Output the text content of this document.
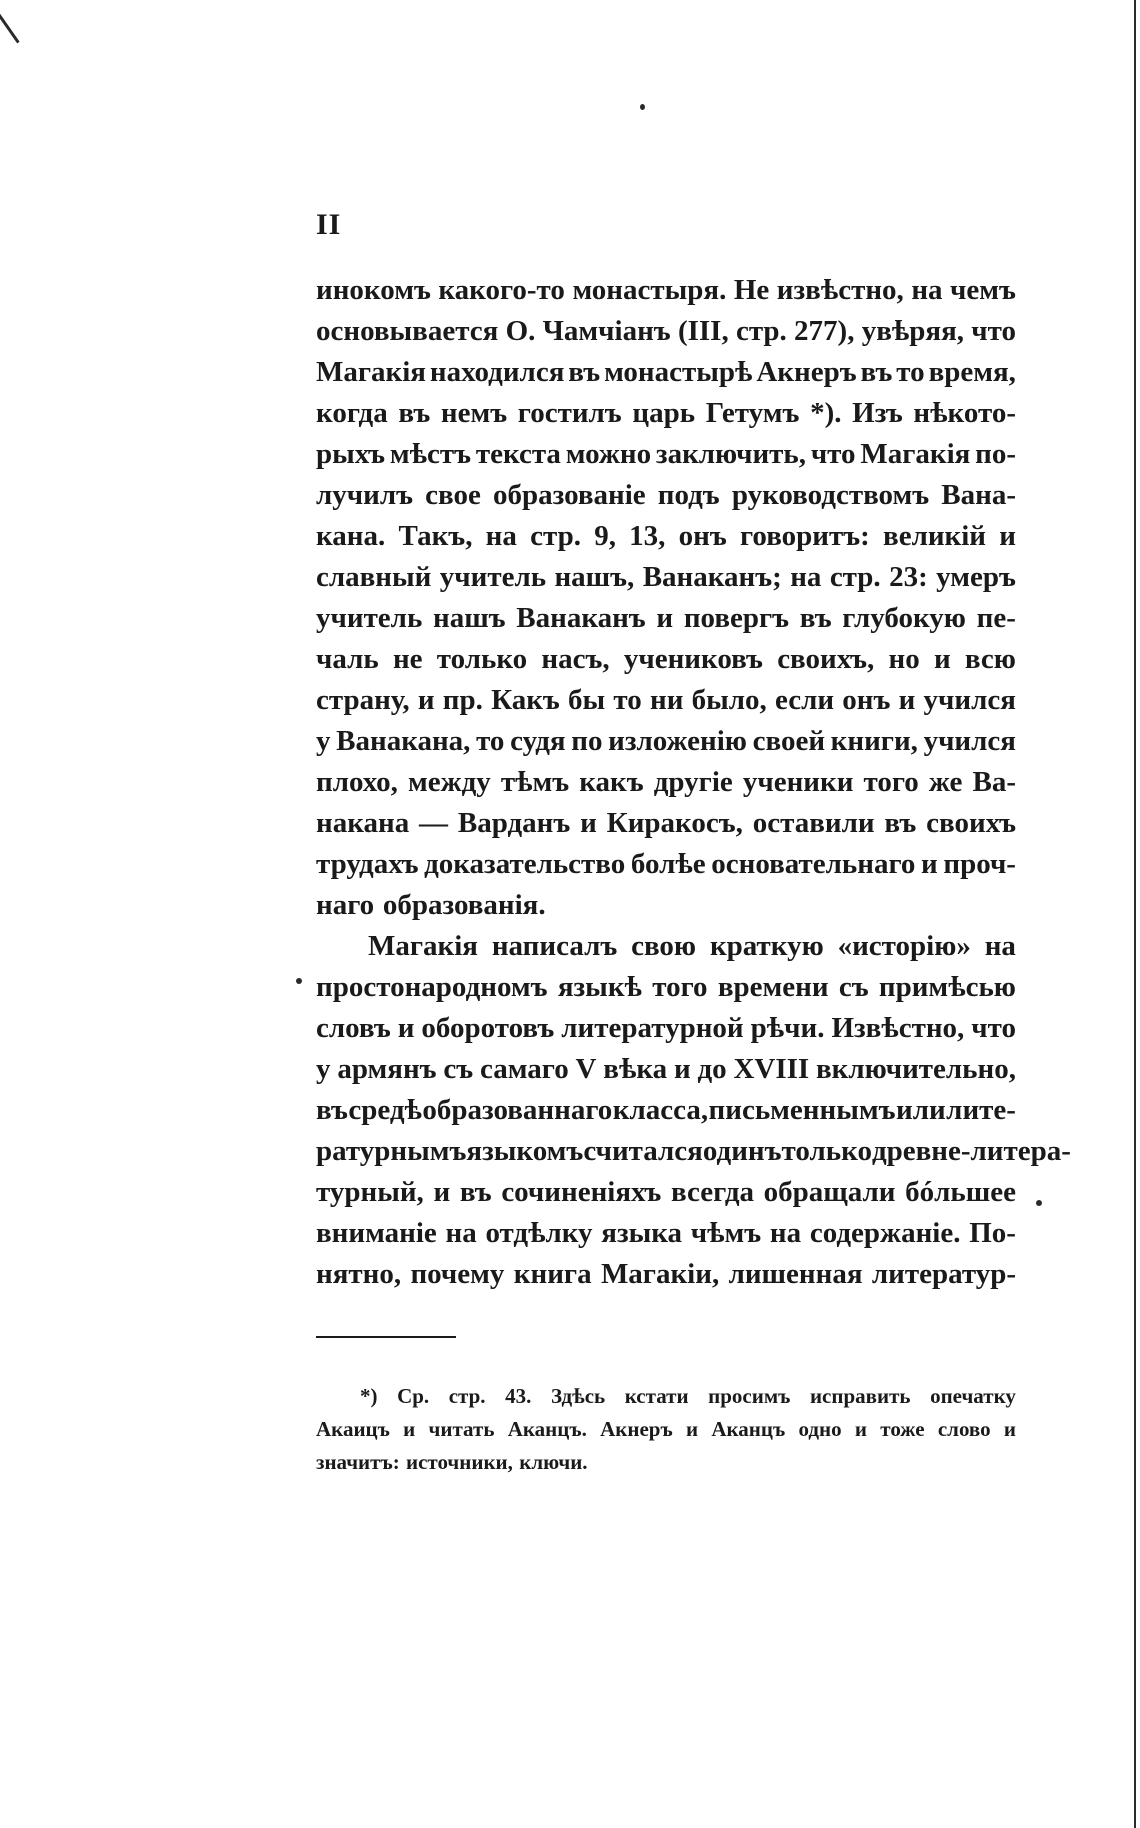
II
инокомъ какого-то монастыря. Не извѣстно, на чемъ
основывается О. Чамчіанъ (III, стр. 277), увѣряя, что
Магакія находился въ монастырѣ Акнеръ въ то время,
когда въ немъ гостилъ царь Гетумъ *). Изъ нѣкото-
рыхъ мѣстъ текста можно заключить, что Магакія по-
лучилъ свое образованіе подъ руководствомъ Вана-
кана. Такъ, на стр. 9, 13, онъ говоритъ: великій и
славный учитель нашъ, Ванаканъ; на стр. 23: умеръ
учитель нашъ Ванаканъ и повергъ въ глубокую пе-
чаль не только насъ, учениковъ своихъ, но и всю
страну, и пр. Какъ бы то ни было, если онъ и учился
у Ванакана, то судя по изложенію своей книги, учился
плохо, между тѣмъ какъ другіе ученики того же Ва-
накана — Варданъ и Киракосъ, оставили въ своихъ
трудахъ доказательство болѣе основательнаго и проч-
наго образованія.
Магакія написалъ свою краткую «исторію» на
простонародномъ языкѣ того времени съ примѣсью
словъ и оборотовъ литературной рѣчи. Извѣстно, что
у армянъ съ самаго V вѣка и до XVIII включительно,
въ средѣ образованнаго класса, письменнымъ или лите-
ратурнымъ языкомъ считался одинъ только древне-литера-
турный, и въ сочиненіяхъ всегда обращали бóльшее
вниманіе на отдѣлку языка чѣмъ на содержаніе. По-
нятно, почему книга Магакіи, лишенная литератур-
*) Ср. стр. 43. Здѣсь кстати просимъ исправить опечатку
Акаицъ и читать Аканцъ. Акнеръ и Аканцъ одно и тоже слово и
значитъ: источники, ключи.
